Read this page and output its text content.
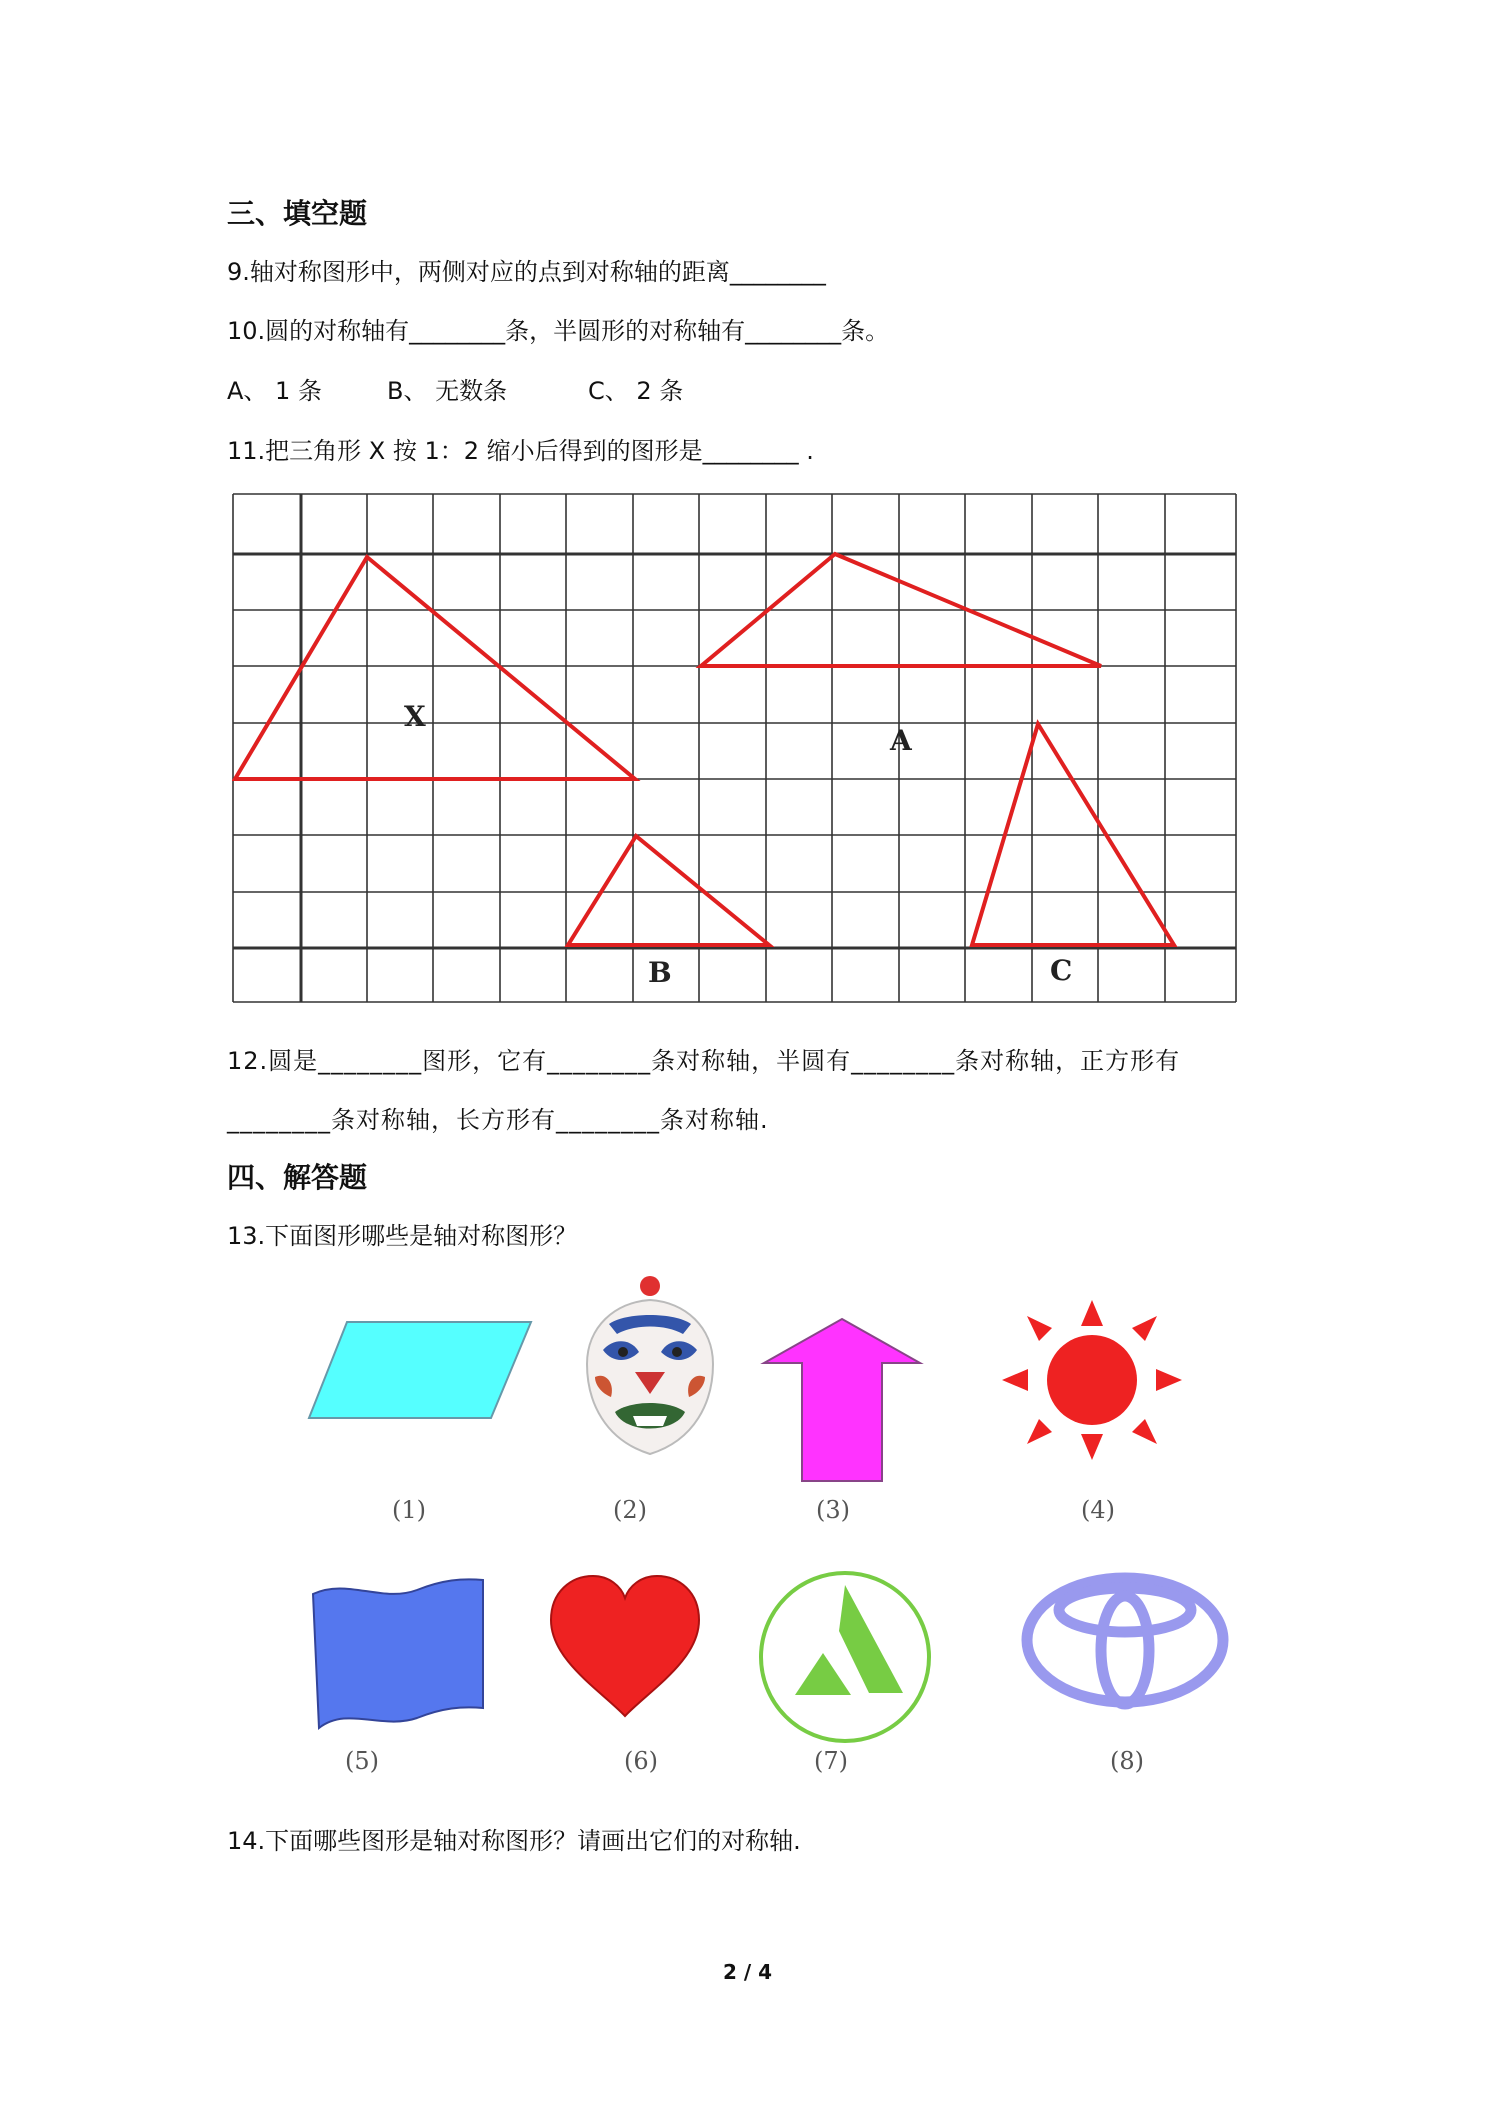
三、填空题
9.轴对称图形中，两侧对应的点到对称轴的距离________
10.圆的对称轴有________条，半圆形的对称轴有________条。
A、 1 条	B、 无数条	C、 2 条
11.把三角形 X 按 1：2 缩小后得到的图形是________ .
X
A
B	C
12.圆是________图形，它有________条对称轴，半圆有________条对称轴，正方形有
________条对称轴，长方形有________条对称轴.
四、解答题
13.下面图形哪些是轴对称图形？
(1)	(2)	(3)	(4)
(5)	(6)	(7)	(8)
14.下面哪些图形是轴对称图形？请画出它们的对称轴.
2 / 4
